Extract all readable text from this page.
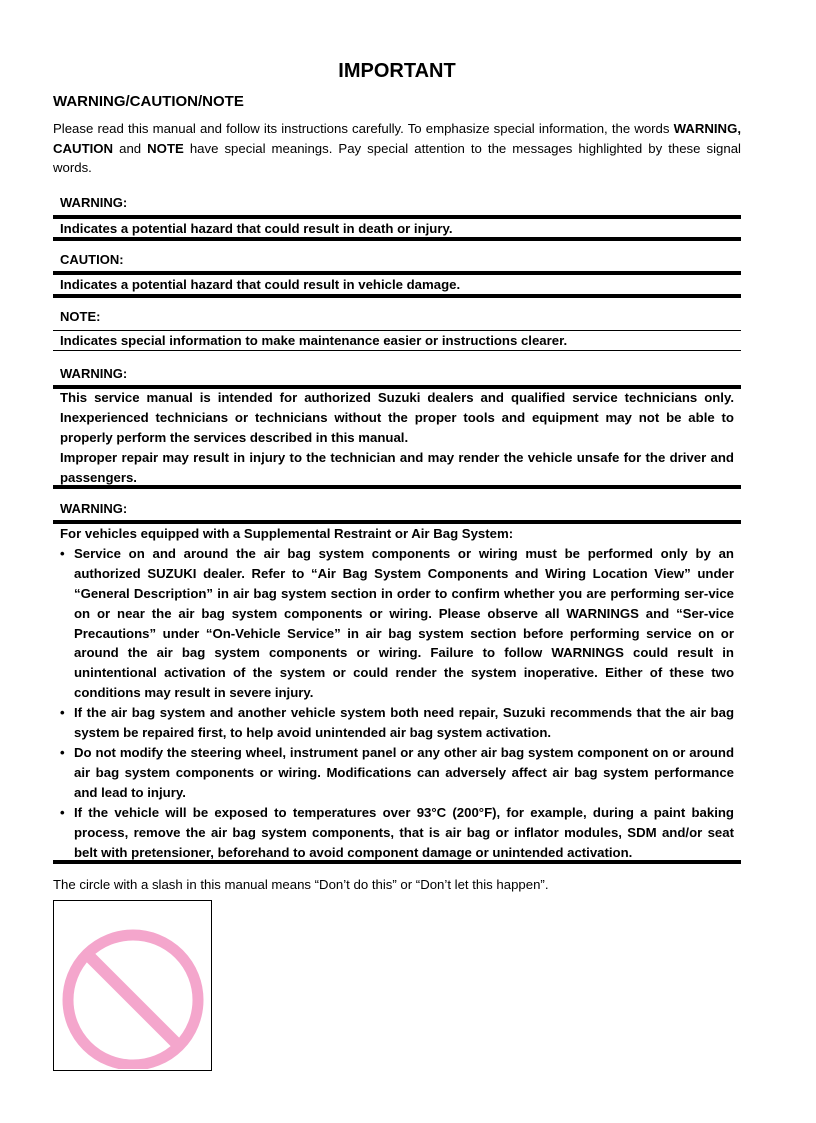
IMPORTANT
WARNING/CAUTION/NOTE
Please read this manual and follow its instructions carefully. To emphasize special information, the words WARNING, CAUTION and NOTE have special meanings. Pay special attention to the messages highlighted by these signal words.
WARNING:
Indicates a potential hazard that could result in death or injury.
CAUTION:
Indicates a potential hazard that could result in vehicle damage.
NOTE:
Indicates special information to make maintenance easier or instructions clearer.
WARNING:
This service manual is intended for authorized Suzuki dealers and qualified service technicians only. Inexperienced technicians or technicians without the proper tools and equipment may not be able to properly perform the services described in this manual.
Improper repair may result in injury to the technician and may render the vehicle unsafe for the driver and passengers.
WARNING:
For vehicles equipped with a Supplemental Restraint or Air Bag System:
• Service on and around the air bag system components or wiring must be performed only by an authorized SUZUKI dealer. Refer to “Air Bag System Components and Wiring Location View” under “General Description” in air bag system section in order to confirm whether you are performing ser-vice on or near the air bag system components or wiring. Please observe all WARNINGS and “Ser-vice Precautions” under “On-Vehicle Service” in air bag system section before performing service on or around the air bag system components or wiring. Failure to follow WARNINGS could result in unintentional activation of the system or could render the system inoperative. Either of these two conditions may result in severe injury.
• If the air bag system and another vehicle system both need repair, Suzuki recommends that the air bag system be repaired first, to help avoid unintended air bag system activation.
• Do not modify the steering wheel, instrument panel or any other air bag system component on or around air bag system components or wiring. Modifications can adversely affect air bag system performance and lead to injury.
• If the vehicle will be exposed to temperatures over 93°C (200°F), for example, during a paint baking process, remove the air bag system components, that is air bag or inflator modules, SDM and/or seat belt with pretensioner, beforehand to avoid component damage or unintended activation.
The circle with a slash in this manual means “Don’t do this” or “Don’t let this happen”.
